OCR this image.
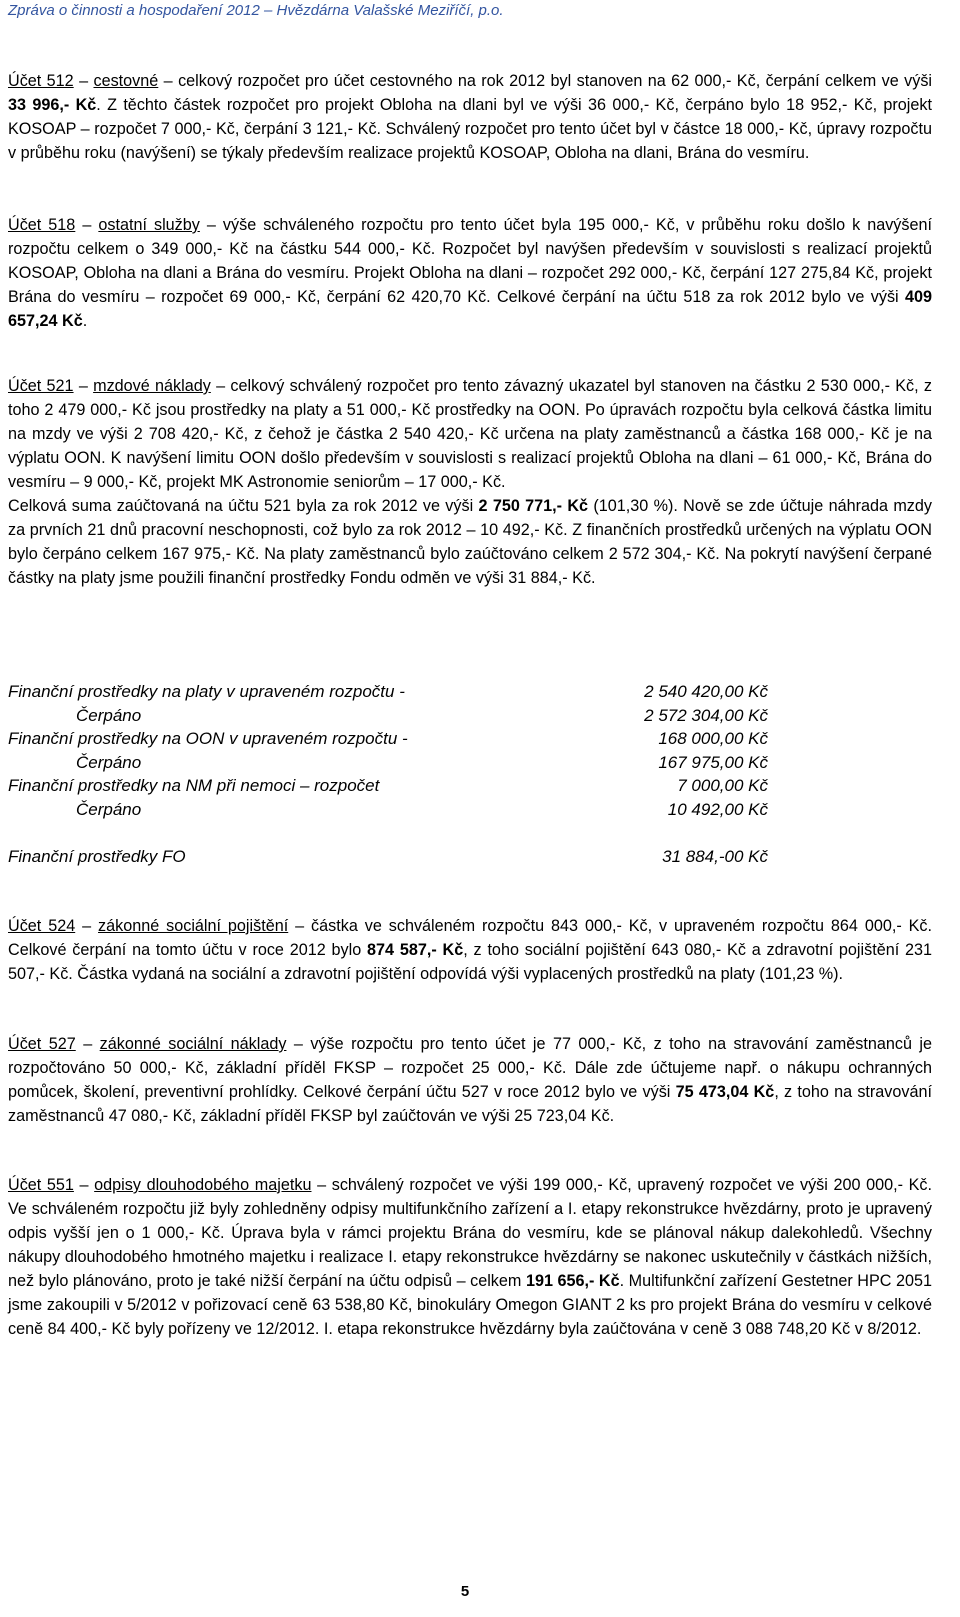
Zpráva o činnosti a hospodaření 2012 – Hvězdárna Valašské Meziříčí, p.o.

Účet 512 – cestovné – celkový rozpočet pro účet cestovného na rok 2012 byl stanoven na 62 000,- Kč, čerpání celkem ve výši 33 996,- Kč. Z těchto částek rozpočet pro projekt Obloha na dlani byl ve výši 36 000,- Kč, čerpáno bylo 18 952,- Kč, projekt KOSOAP – rozpočet 7 000,- Kč, čerpání 3 121,- Kč. Schválený rozpočet pro tento účet byl v částce 18 000,- Kč, úpravy rozpočtu v průběhu roku (navýšení) se týkaly především realizace projektů KOSOAP, Obloha na dlani, Brána do vesmíru.

Účet 518 – ostatní služby – výše schváleného rozpočtu pro tento účet byla 195 000,- Kč, v průběhu roku došlo k navýšení rozpočtu celkem o 349 000,- Kč na částku 544 000,- Kč. Rozpočet byl navýšen především v souvislosti s realizací projektů KOSOAP, Obloha na dlani a Brána do vesmíru. Projekt Obloha na dlani – rozpočet 292 000,- Kč, čerpání 127 275,84 Kč, projekt Brána do vesmíru – rozpočet 69 000,- Kč, čerpání 62 420,70 Kč. Celkové čerpání na účtu 518 za rok 2012 bylo ve výši 409 657,24 Kč.

Účet 521 – mzdové náklady – celkový schválený rozpočet pro tento závazný ukazatel byl stanoven na částku 2 530 000,- Kč, z toho 2 479 000,- Kč jsou prostředky na platy a 51 000,- Kč prostředky na OON. Po úpravách rozpočtu byla celková částka limitu na mzdy ve výši 2 708 420,- Kč, z čehož je částka 2 540 420,- Kč určena na platy zaměstnanců a částka 168 000,- Kč je na výplatu OON. K navýšení limitu OON došlo především v souvislosti s realizací projektů Obloha na dlani – 61 000,- Kč, Brána do vesmíru – 9 000,- Kč, projekt MK Astronomie seniorům – 17 000,- Kč.
Celková suma zaúčtovaná na účtu 521 byla za rok 2012 ve výši 2 750 771,- Kč (101,30 %). Nově se zde účtuje náhrada mzdy za prvních 21 dnů pracovní neschopnosti, což bylo za rok 2012 – 10 492,- Kč. Z finančních prostředků určených na výplatu OON bylo čerpáno celkem 167 975,- Kč. Na platy zaměstnanců bylo zaúčtováno celkem 2 572 304,- Kč. Na pokrytí navýšení čerpané částky na platy jsme použili finanční prostředky Fondu odměn ve výši 31 884,- Kč.
Finanční prostředky na platy v upraveném rozpočtu -	2 540 420,00 Kč
Čerpáno	2 572 304,00 Kč
Finanční prostředky na OON v upraveném rozpočtu -	168 000,00 Kč
Čerpáno	167 975,00 Kč
Finanční prostředky na NM při nemoci – rozpočet	7 000,00 Kč
Čerpáno	10 492,00 Kč
Finanční prostředky FO	31 884,-00 Kč

Účet 524 – zákonné sociální pojištění – částka ve schváleném rozpočtu 843 000,- Kč, v upraveném rozpočtu 864 000,- Kč. Celkové čerpání na tomto účtu v roce 2012 bylo 874 587,- Kč, z toho sociální pojištění 643 080,- Kč a zdravotní pojištění 231 507,- Kč. Částka vydaná na sociální a zdravotní pojištění odpovídá výši vyplacených prostředků na platy (101,23 %).

Účet 527 – zákonné sociální náklady – výše rozpočtu pro tento účet je 77 000,- Kč, z toho na stravování zaměstnanců je rozpočtováno 50 000,- Kč, základní příděl FKSP – rozpočet 25 000,- Kč. Dále zde účtujeme např. o nákupu ochranných pomůcek, školení, preventivní prohlídky. Celkové čerpání účtu 527 v roce 2012 bylo ve výši 75 473,04 Kč, z toho na stravování zaměstnanců 47 080,- Kč, základní příděl FKSP byl zaúčtován ve výši 25 723,04 Kč.

Účet 551 – odpisy dlouhodobého majetku – schválený rozpočet ve výši 199 000,- Kč, upravený rozpočet ve výši 200 000,- Kč. Ve schváleném rozpočtu již byly zohledněny odpisy multifunkčního zařízení a I. etapy rekonstrukce hvězdárny, proto je upravený odpis vyšší jen o 1 000,- Kč. Úprava byla v rámci projektu Brána do vesmíru, kde se plánoval nákup dalekohledů. Všechny nákupy dlouhodobého hmotného majetku i realizace I. etapy rekonstrukce hvězdárny se nakonec uskutečnily v částkách nižších, než bylo plánováno, proto je také nižší čerpání na účtu odpisů – celkem 191 656,- Kč. Multifunkční zařízení Gestetner HPC 2051 jsme zakoupili v 5/2012 v pořizovací ceně 63 538,80 Kč, binokuláry Omegon GIANT 2 ks pro projekt Brána do vesmíru v celkové ceně 84 400,- Kč byly pořízeny ve 12/2012. I. etapa rekonstrukce hvězdárny byla zaúčtována v ceně 3 088 748,20 Kč v 8/2012.

5
